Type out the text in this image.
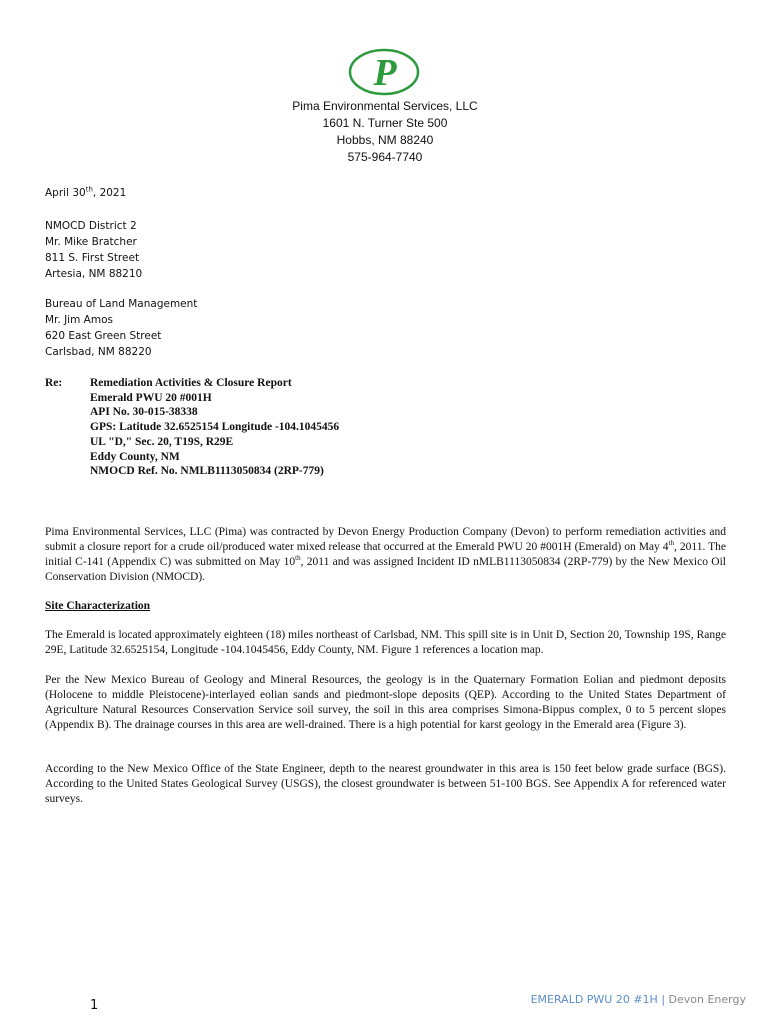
P
Pima Environmental Services, LLC
1601 N. Turner Ste 500
Hobbs, NM 88240
575-964-7740
April 30th, 2021
NMOCD District 2
Mr. Mike Bratcher
811 S. First Street
Artesia, NM 88210
Bureau of Land Management
Mr. Jim Amos
620 East Green Street
Carlsbad, NM 88220
Re: Remediation Activities & Closure Report
Emerald PWU 20 #001H
API No. 30-015-38338
GPS: Latitude 32.6525154 Longitude -104.1045456
UL "D," Sec. 20, T19S, R29E
Eddy County, NM
NMOCD Ref. No. NMLB1113050834 (2RP-779)
Pima Environmental Services, LLC (Pima) was contracted by Devon Energy Production Company (Devon) to perform remediation activities and submit a closure report for a crude oil/produced water mixed release that occurred at the Emerald PWU 20 #001H (Emerald) on May 4th, 2011. The initial C-141 (Appendix C) was submitted on May 10th, 2011 and was assigned Incident ID nMLB1113050834 (2RP-779) by the New Mexico Oil Conservation Division (NMOCD).
Site Characterization
The Emerald is located approximately eighteen (18) miles northeast of Carlsbad, NM. This spill site is in Unit D, Section 20, Township 19S, Range 29E, Latitude 32.6525154, Longitude -104.1045456, Eddy County, NM. Figure 1 references a location map.
Per the New Mexico Bureau of Geology and Mineral Resources, the geology is in the Quaternary Formation Eolian and piedmont deposits (Holocene to middle Pleistocene)-interlayed eolian sands and piedmont-slope deposits (QEP). According to the United States Department of Agriculture Natural Resources Conservation Service soil survey, the soil in this area comprises Simona-Bippus complex, 0 to 5 percent slopes (Appendix B). The drainage courses in this area are well-drained. There is a high potential for karst geology in the Emerald area (Figure 3).
According to the New Mexico Office of the State Engineer, depth to the nearest groundwater in this area is 150 feet below grade surface (BGS). According to the United States Geological Survey (USGS), the closest groundwater is between 51-100 BGS. See Appendix A for referenced water surveys.
1	EMERALD PWU 20 #1H | Devon Energy
